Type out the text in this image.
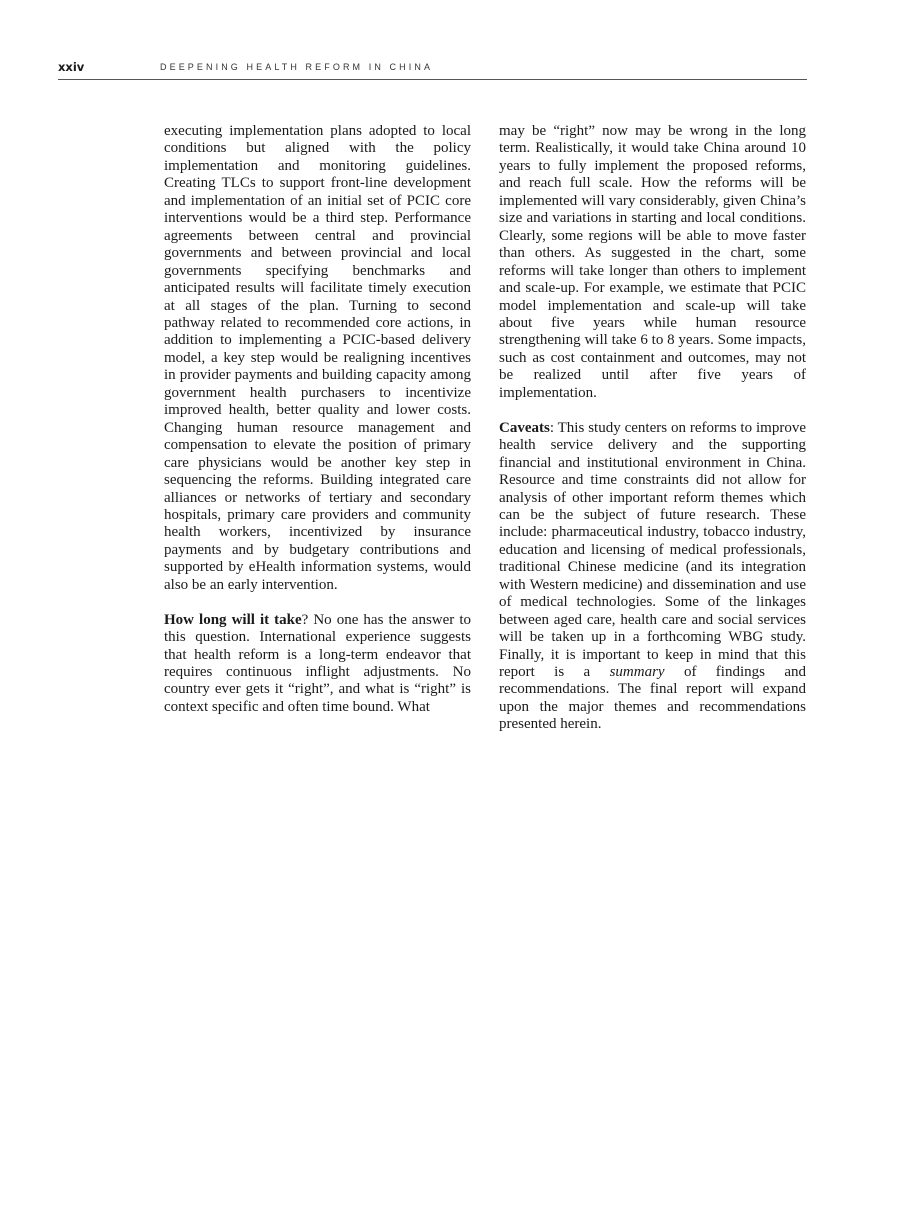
xxiv	DEEPENING HEALTH REFORM IN CHINA

executing implementation plans adopted to local conditions but aligned with the policy implementation and monitoring guidelines. Creating TLCs to support front-line development and implementation of an initial set of PCIC core interventions would be a third step. Performance agreements between central and provincial governments and between provincial and local governments specifying benchmarks and anticipated results will facilitate timely execution at all stages of the plan. Turning to second pathway related to recommended core actions, in addition to implementing a PCIC-based delivery model, a key step would be realigning incentives in provider payments and building capacity among government health purchasers to incentivize improved health, better quality and lower costs. Changing human resource management and compensation to elevate the position of primary care physicians would be another key step in sequencing the reforms. Building integrated care alliances or networks of tertiary and secondary hospitals, primary care providers and community health workers, incentivized by insurance payments and by budgetary contributions and supported by eHealth information systems, would also be an early intervention.

How long will it take? No one has the answer to this question. International experience suggests that health reform is a long-term endeavor that requires continuous inflight adjustments. No country ever gets it “right”, and what is “right” is context specific and often time bound. What

may be “right” now may be wrong in the long term. Realistically, it would take China around 10 years to fully implement the proposed reforms, and reach full scale. How the reforms will be implemented will vary considerably, given China’s size and variations in starting and local conditions. Clearly, some regions will be able to move faster than others. As suggested in the chart, some reforms will take longer than others to implement and scale-up. For example, we estimate that PCIC model implementation and scale-up will take about five years while human resource strengthening will take 6 to 8 years. Some impacts, such as cost containment and outcomes, may not be realized until after five years of implementation.

Caveats: This study centers on reforms to improve health service delivery and the supporting financial and institutional environment in China. Resource and time constraints did not allow for analysis of other important reform themes which can be the subject of future research. These include: pharmaceutical industry, tobacco industry, education and licensing of medical professionals, traditional Chinese medicine (and its integration with Western medicine) and dissemination and use of medical technologies. Some of the linkages between aged care, health care and social services will be taken up in a forthcoming WBG study. Finally, it is important to keep in mind that this report is a summary of findings and recommendations. The final report will expand upon the major themes and recommendations presented herein.
